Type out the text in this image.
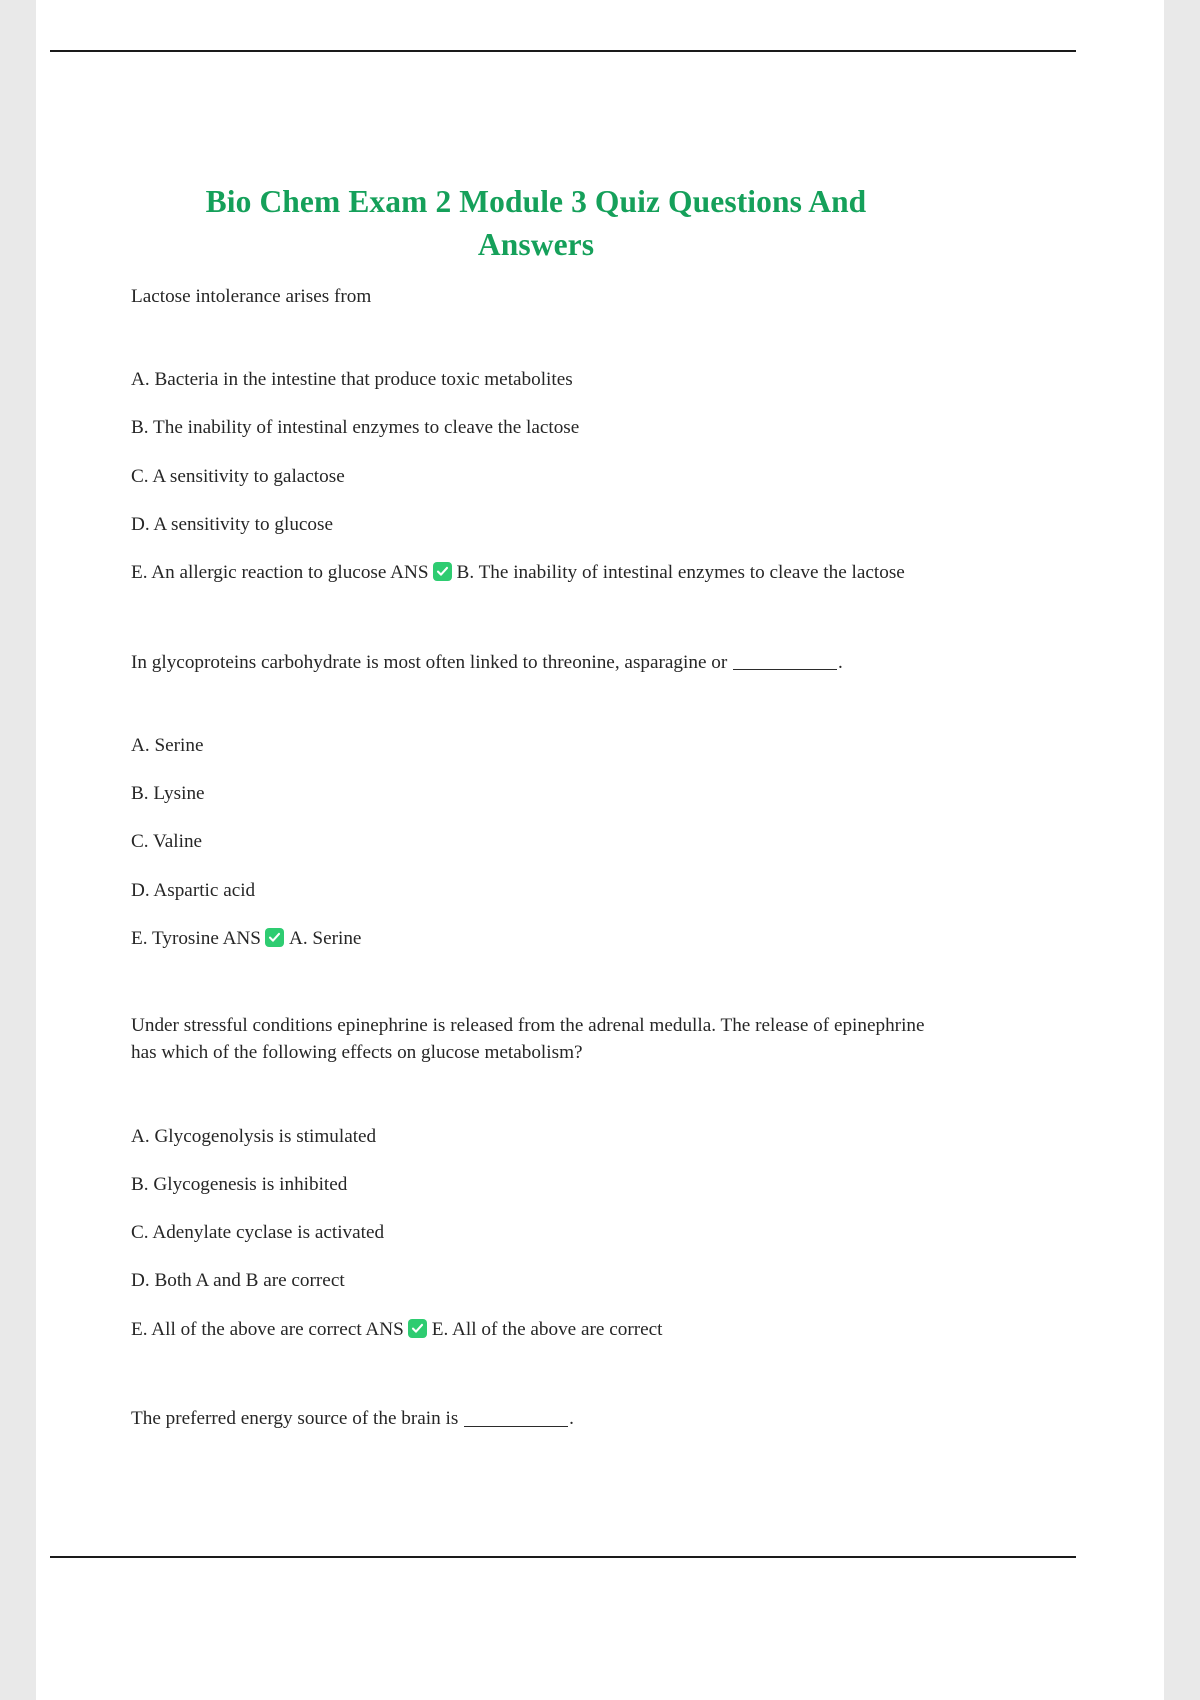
Bio Chem Exam 2 Module 3 Quiz Questions And Answers

Lactose intolerance arises from

A. Bacteria in the intestine that produce toxic metabolites

B. The inability of intestinal enzymes to cleave the lactose

C. A sensitivity to galactose

D. A sensitivity to glucose

E. An allergic reaction to glucose ANS B. The inability of intestinal enzymes to cleave the lactose

In glycoproteins carbohydrate is most often linked to threonine, asparagine or	.

A. Serine

B. Lysine

C. Valine

D. Aspartic acid

E. Tyrosine ANS A. Serine

Under stressful conditions epinephrine is released from the adrenal medulla. The release of epinephrine has which of the following effects on glucose metabolism?

A. Glycogenolysis is stimulated

B. Glycogenesis is inhibited

C. Adenylate cyclase is activated

D. Both A and B are correct

E. All of the above are correct ANS E. All of the above are correct

The preferred energy source of the brain is	.
